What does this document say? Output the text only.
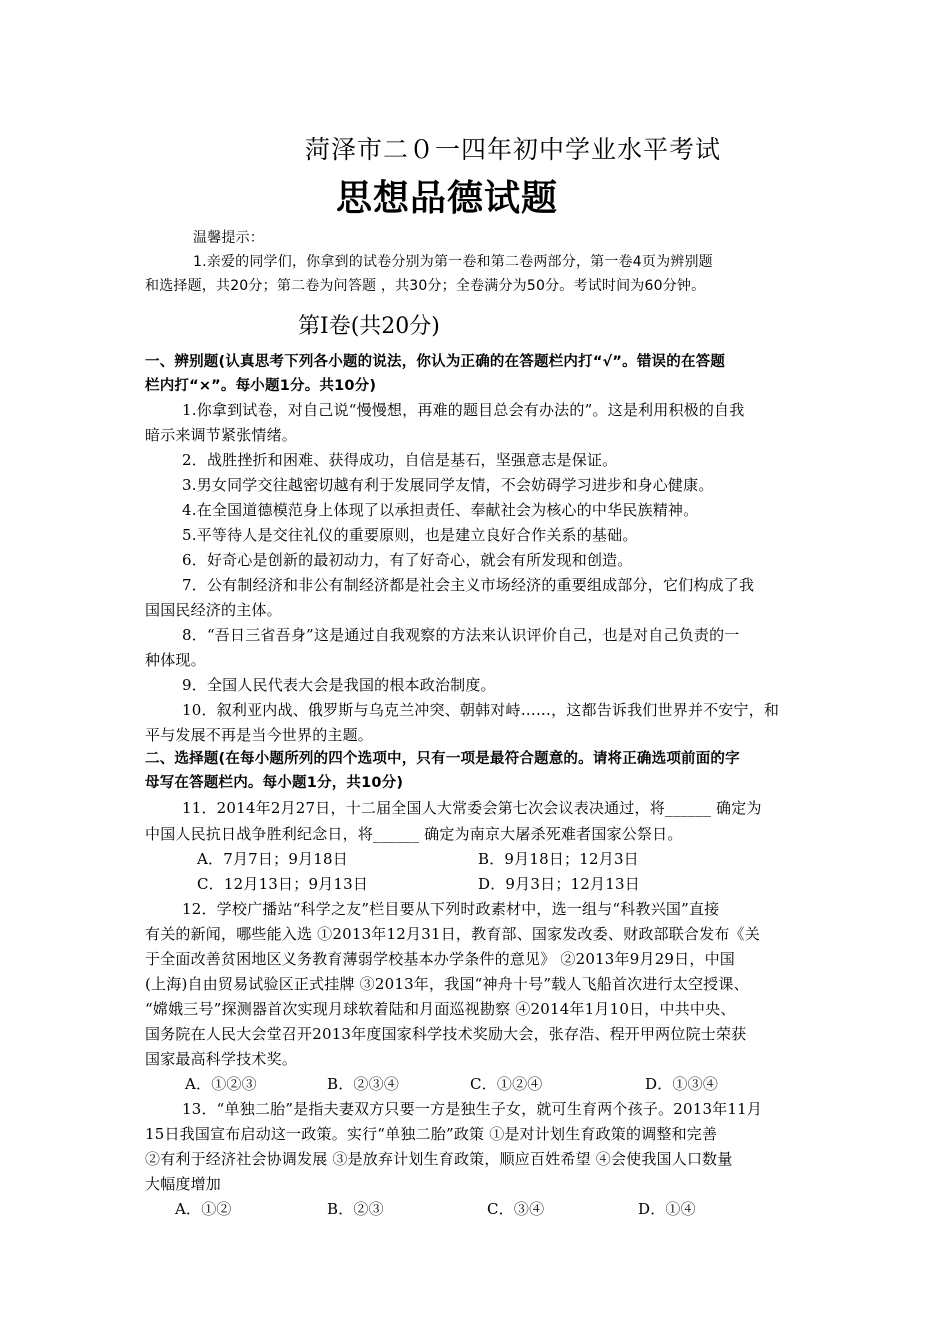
菏泽市二０一四年初中学业水平考试
思想品德试题
温馨提示：
1.亲爱的同学们，你拿到的试卷分别为第一卷和第二卷两部分，第一卷4页为辨别题
和选择题，共20分；第二卷为问答题 ，共30分；全卷满分为50分。考试时间为60分钟。
第Ⅰ卷(共20分)
一、辨别题(认真思考下列各小题的说法，你认为正确的在答题栏内打“√”。错误的在答题
栏内打“×”。每小题1分。共10分)
1.你拿到试卷，对自己说“慢慢想，再难的题目总会有办法的”。这是利用积极的自我
暗示来调节紧张情绪。
2．战胜挫折和困难、获得成功，自信是基石，坚强意志是保证。
3.男女同学交往越密切越有利于发展同学友情，不会妨碍学习进步和身心健康。
4.在全国道德模范身上体现了以承担责任、奉献社会为核心的中华民族精神。
5.平等待人是交往礼仪的重要原则，也是建立良好合作关系的基础。
6．好奇心是创新的最初动力，有了好奇心，就会有所发现和创造。
7．公有制经济和非公有制经济都是社会主义市场经济的重要组成部分，它们构成了我
国国民经济的主体。
8．“吾日三省吾身”这是通过自我观察的方法来认识评价自己，也是对自己负责的一
种体现。
9．全国人民代表大会是我国的根本政治制度。
10．叙利亚内战、俄罗斯与乌克兰冲突、朝韩对峙……，这都告诉我们世界并不安宁，和
平与发展不再是当今世界的主题。
二、选择题(在每小题所列的四个选项中，只有一项是最符合题意的。请将正确选项前面的字
母写在答题栏内。每小题1分，共10分)
11．2014年2月27日，十二届全国人大常委会第七次会议表决通过，将______ 确定为
中国人民抗日战争胜利纪念日，将______ 确定为南京大屠杀死难者国家公祭日。
A．7月7日；9月18日	B．9月18日；12月3日
C．12月13日；9月13日	D．9月3日；12月13日
12．学校广播站“科学之友”栏目要从下列时政素材中，选一组与“科教兴国”直接
有关的新闻，哪些能入选 ①2013年12月31日，教育部、国家发改委、财政部联合发布《关
于全面改善贫困地区义务教育薄弱学校基本办学条件的意见》 ②2013年9月29日，中国
(上海)自由贸易试验区正式挂牌 ③2013年，我国“神舟十号”载人飞船首次进行太空授课、
“嫦娥三号”探测器首次实现月球软着陆和月面巡视勘察 ④2014年1月10日，中共中央、
国务院在人民大会堂召开2013年度国家科学技术奖励大会，张存浩、程开甲两位院士荣获
国家最高科学技术奖。
A．①②③	B．②③④	C．①②④	D．①③④
13．“单独二胎”是指夫妻双方只要一方是独生子女，就可生育两个孩子。2013年11月
15日我国宣布启动这一政策。实行“单独二胎”政策 ①是对计划生育政策的调整和完善
②有利于经济社会协调发展 ③是放弃计划生育政策，顺应百姓希望 ④会使我国人口数量
大幅度增加
A．①②	B．②③	C．③④	D．①④
